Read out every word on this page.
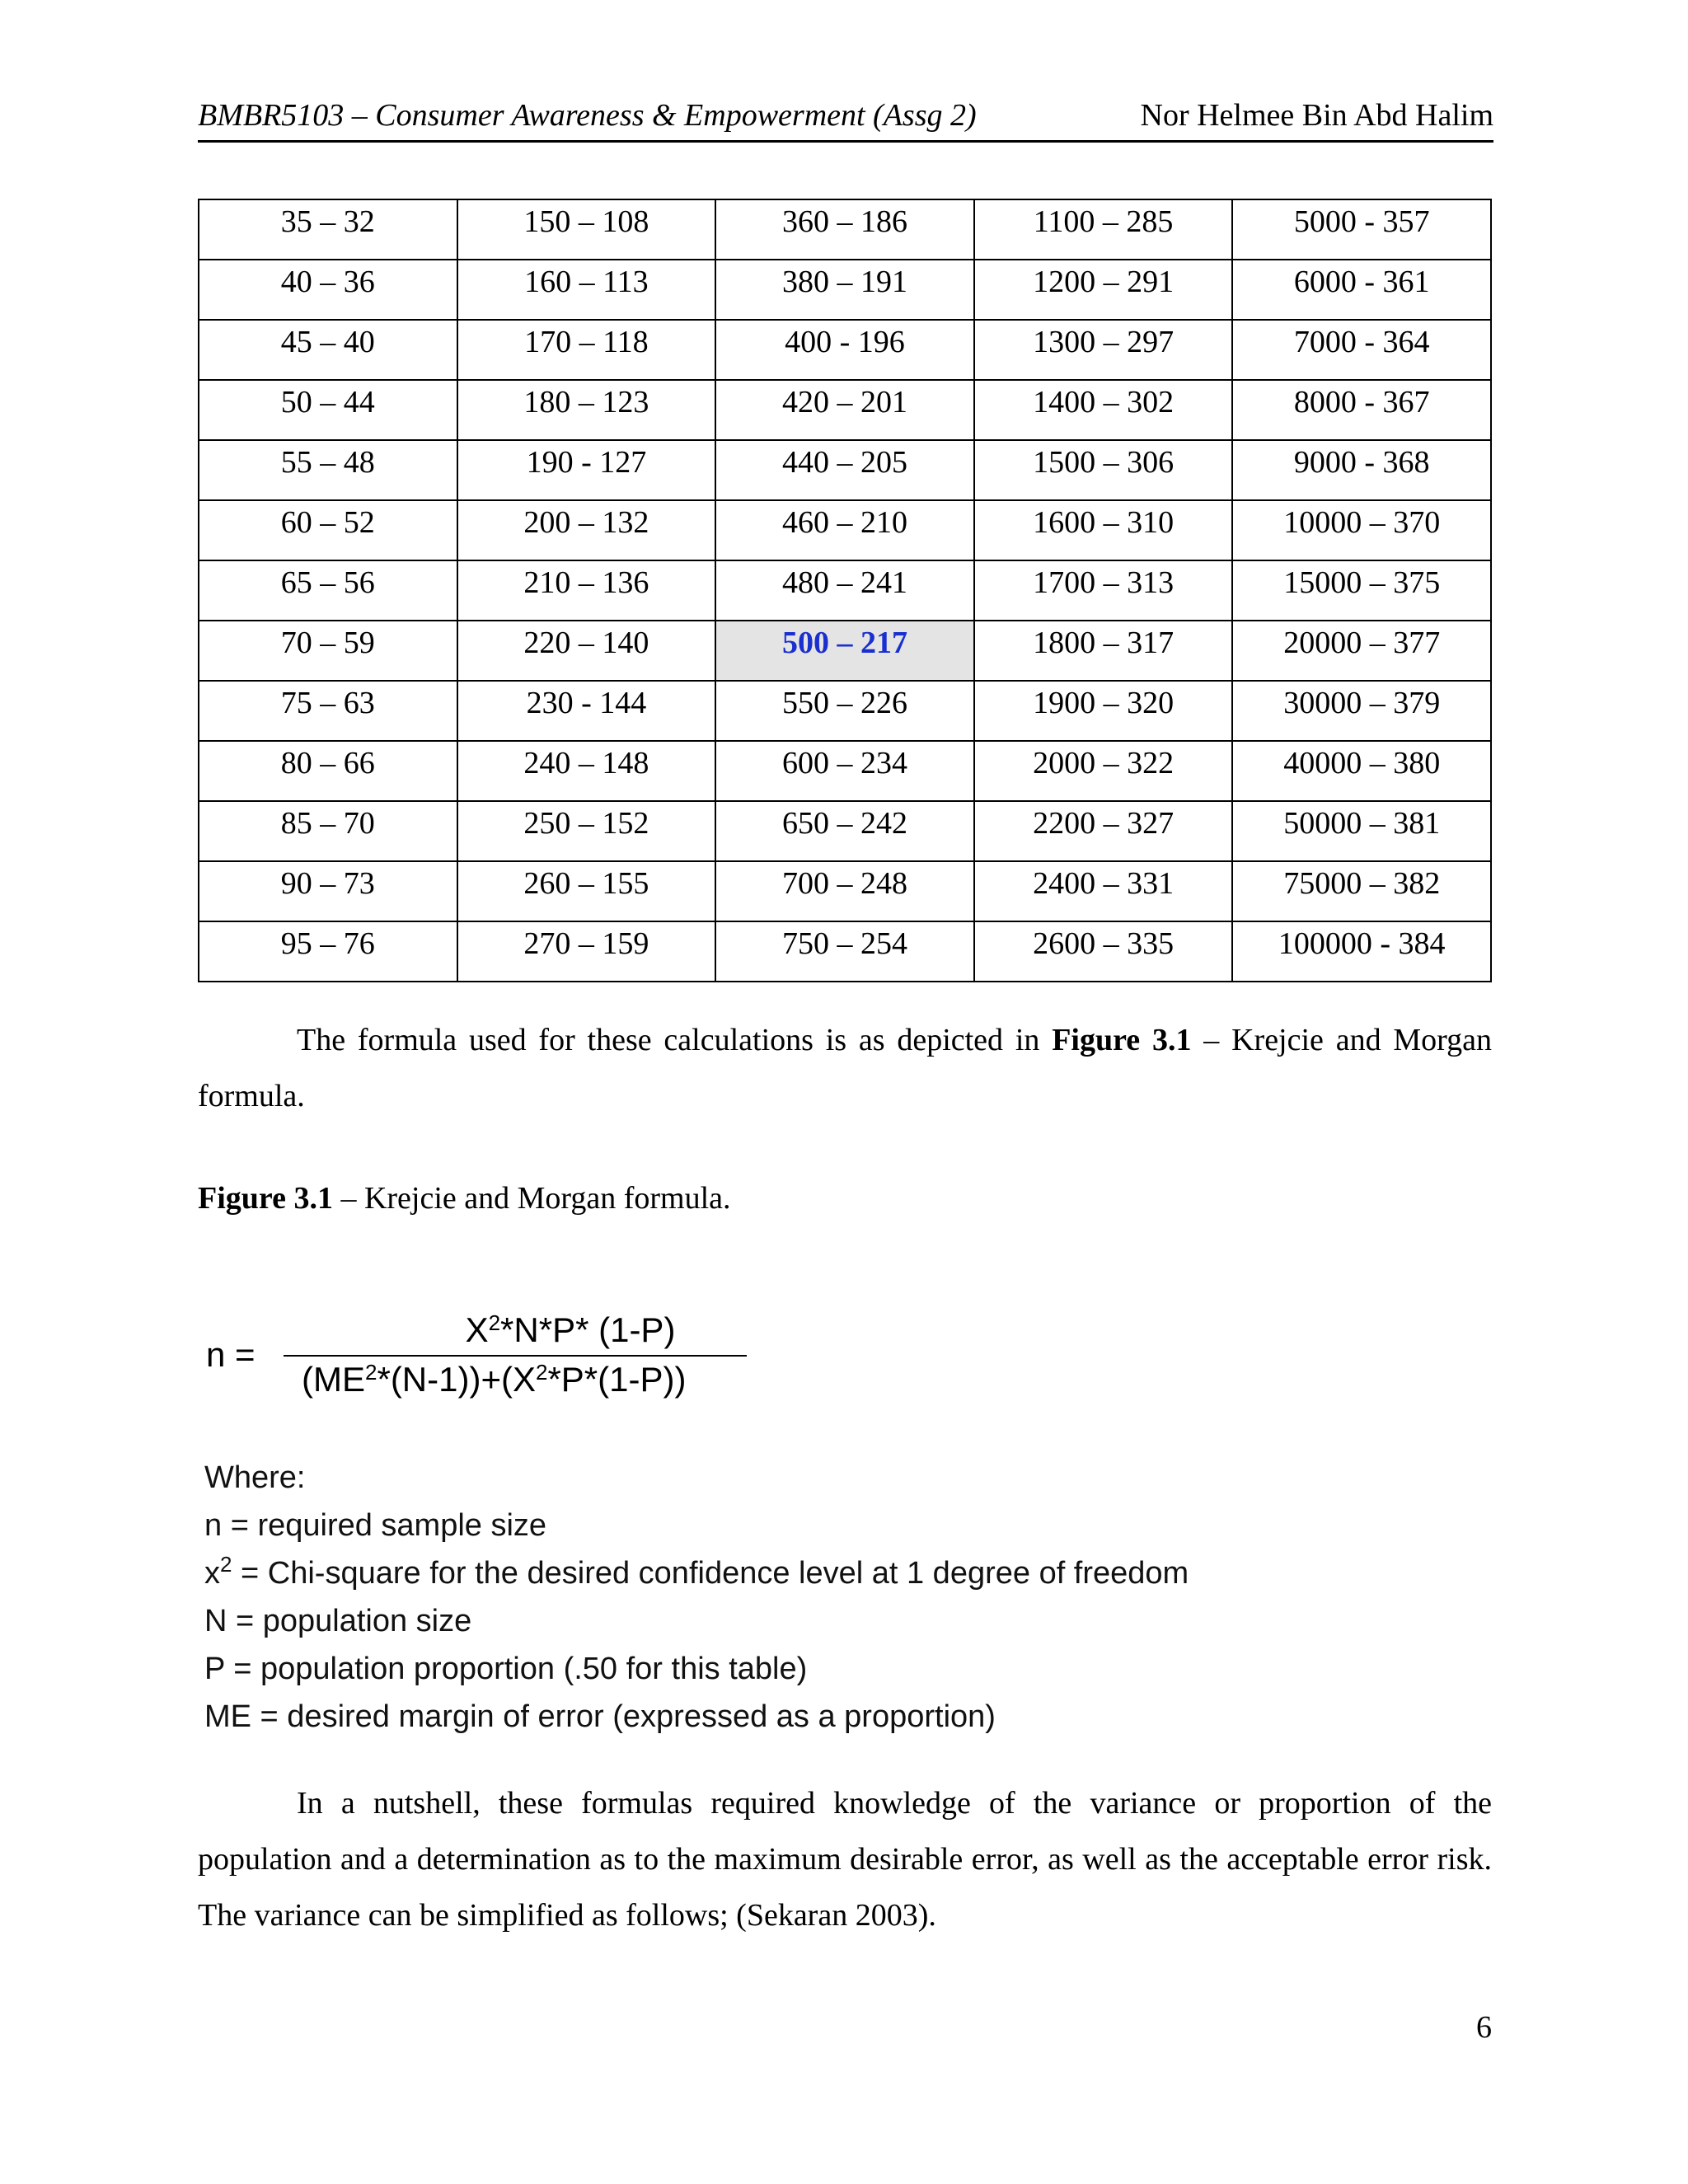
BMBR5103 – Consumer Awareness & Empowerment (Assg 2)	Nor Helmee Bin Abd Halim
35 – 32	150 – 108	360 – 186	1100 – 285	5000 - 357
40 – 36	160 – 113	380 – 191	1200 – 291	6000 - 361
45 – 40	170 – 118	400 - 196	1300 – 297	7000 - 364
50 – 44	180 – 123	420 – 201	1400 – 302	8000 - 367
55 – 48	190 - 127	440 – 205	1500 – 306	9000 - 368
60 – 52	200 – 132	460 – 210	1600 – 310	10000 – 370
65 – 56	210 – 136	480 – 241	1700 – 313	15000 – 375
70 – 59	220 – 140	500 – 217	1800 – 317	20000 – 377
75 – 63	230 - 144	550 – 226	1900 – 320	30000 – 379
80 – 66	240 – 148	600 – 234	2000 – 322	40000 – 380
85 – 70	250 – 152	650 – 242	2200 – 327	50000 – 381
90 – 73	260 – 155	700 – 248	2400 – 331	75000 – 382
95 – 76	270 – 159	750 – 254	2600 – 335	100000 - 384
The formula used for these calculations is as depicted in Figure 3.1 – Krejcie and Morgan formula.
Figure 3.1 – Krejcie and Morgan formula.
n =
$X^2*N*P*$ (1-P)
$(ME^2*(N-1))+(X^2*P*(1-P))$
Where:
n = required sample size
$x^2$ = Chi-square for the desired confidence level at 1 degree of freedom
N = population size
P = population proportion (.50 for this table)
ME = desired margin of error (expressed as a proportion)
In a nutshell, these formulas required knowledge of the variance or proportion of the population and a determination as to the maximum desirable error, as well as the acceptable error risk. The variance can be simplified as follows; (Sekaran 2003).
6
